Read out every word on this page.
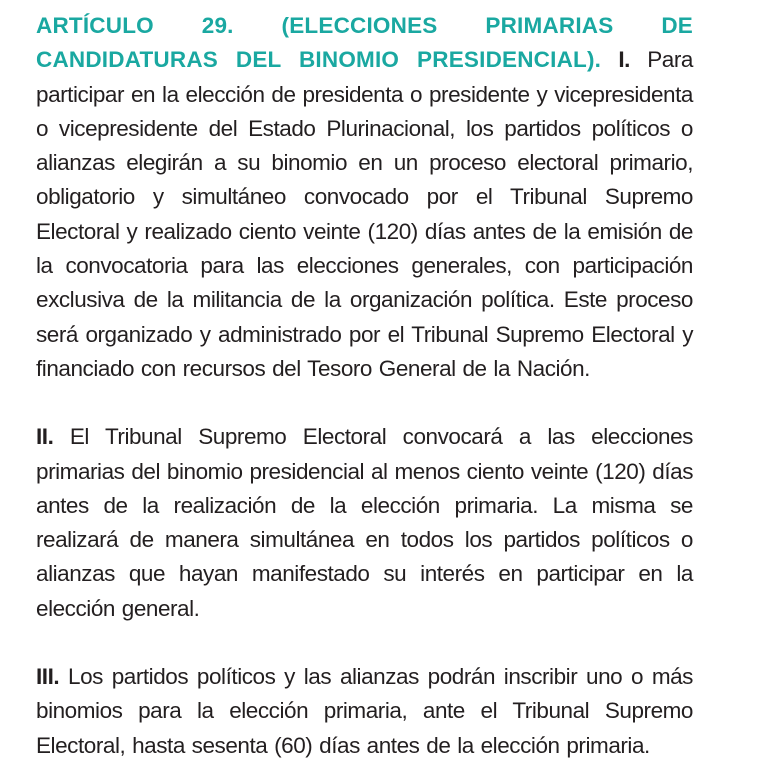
ARTÍCULO 29. (ELECCIONES PRIMARIAS DE CANDIDATURAS DEL BINOMIO PRESIDENCIAL). I. Para participar en la elección de presidenta o presidente y vicepresidenta o vicepresidente del Estado Plurinacional, los partidos políticos o alianzas elegirán a su binomio en un proceso electoral primario, obligatorio y simultáneo convocado por el Tribunal Supremo Electoral y realizado ciento veinte (120) días antes de la emisión de la convocatoria para las elecciones generales, con participación exclusiva de la militancia de la organización política. Este proceso será organizado y administrado por el Tribunal Supremo Electoral y financiado con recursos del Tesoro General de la Nación.

II. El Tribunal Supremo Electoral convocará a las elecciones primarias del binomio presidencial al menos ciento veinte (120) días antes de la realización de la elección primaria. La misma se realizará de manera simultánea en todos los partidos políticos o alianzas que hayan manifestado su interés en participar en la elección general.

III. Los partidos políticos y las alianzas podrán inscribir uno o más binomios para la elección primaria, ante el Tribunal Supremo Electoral, hasta sesenta (60) días antes de la elección primaria.
